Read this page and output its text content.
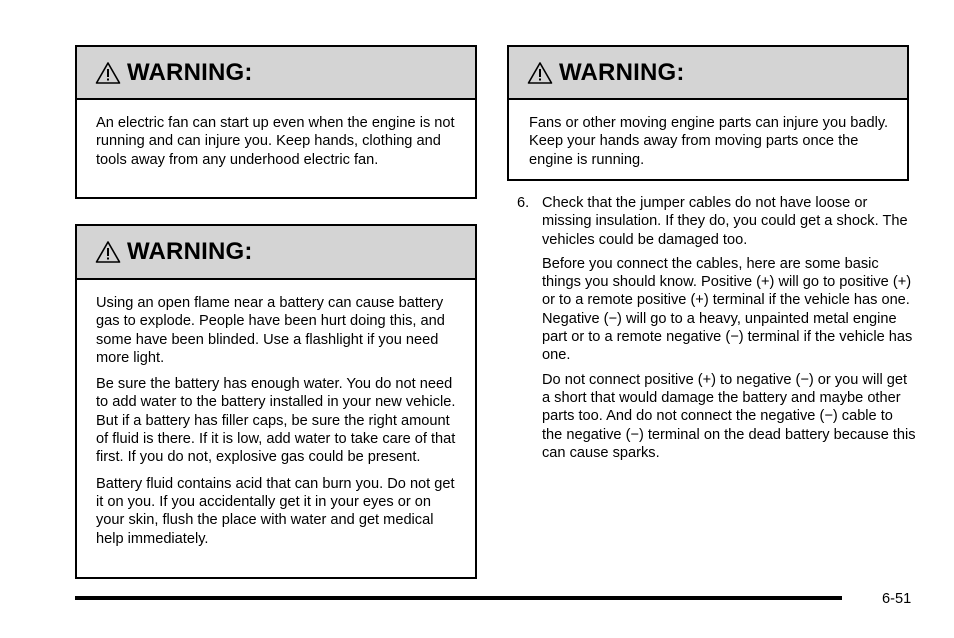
WARNING:

An electric fan can start up even when the engine is not running and can injure you. Keep hands, clothing and tools away from any underhood electric fan.

WARNING:

Using an open flame near a battery can cause battery gas to explode. People have been hurt doing this, and some have been blinded. Use a flashlight if you need more light.

Be sure the battery has enough water. You do not need to add water to the battery installed in your new vehicle. But if a battery has filler caps, be sure the right amount of fluid is there. If it is low, add water to take care of that first. If you do not, explosive gas could be present.

Battery fluid contains acid that can burn you. Do not get it on you. If you accidentally get it in your eyes or on your skin, flush the place with water and get medical help immediately.

WARNING:

Fans or other moving engine parts can injure you badly. Keep your hands away from moving parts once the engine is running.

6. Check that the jumper cables do not have loose or missing insulation. If they do, you could get a shock. The vehicles could be damaged too.

Before you connect the cables, here are some basic things you should know. Positive (+) will go to positive (+) or to a remote positive (+) terminal if the vehicle has one. Negative (−) will go to a heavy, unpainted metal engine part or to a remote negative (−) terminal if the vehicle has one.

Do not connect positive (+) to negative (−) or you will get a short that would damage the battery and maybe other parts too. And do not connect the negative (−) cable to the negative (−) terminal on the dead battery because this can cause sparks.

6-51
